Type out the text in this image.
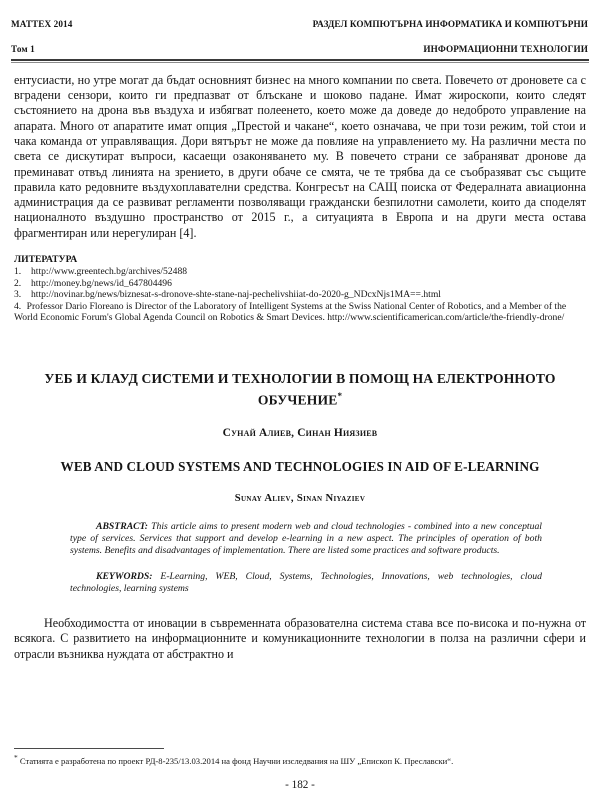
MATTEX 2014

Том 1

РАЗДЕЛ КОМПЮТЪРНА ИНФОРМАТИКА И КОМПЮТЪРНИ

ИНФОРМАЦИОННИ ТЕХНОЛОГИИ

ентусиасти, но утре могат да бъдат основният бизнес на много компании по света. Повечето от дроновете са с вградени сензори, които ги предпазват от блъскане и шоково падане. Имат жироскопи, които следят състоянието на дрона във въздуха и избягват полеенето, което може да доведе до недоброто управление на апарата. Много от апаратите имат опция „Престой и чакане“, което означава, че при този режим, той стои и чака команда от управляващия. Дори вятърът не може да повлияе на управлението му. На различни места по света се дискутират въпроси, касаещи озаконяването му. В повечето страни се забраняват дронове да преминават отвъд линията на зрението, в други обаче се смята, че те трябва да се съобразяват със същите правила като редовните въздухоплавателни средства. Конгресът на САЩ поиска от Федералната авиационна администрация да се развиват регламенти позволяващи граждански безпилотни самолети, които да споделят националното въздушно пространство от 2015 г., а ситуацията в Европа и на други места остава фрагментиран или нерегулиран [4].

ЛИТЕРАТУРА
1.	http://www.greentech.bg/archives/52488
2.	http://money.bg/news/id_647804496
3.	http://novinar.bg/news/biznesat-s-dronove-shte-stane-naj-pechelivshiiat-do-2020-g_NDcxNjs1MA==.html
4. Professor Dario Floreano is Director of the Laboratory of Intelligent Systems at the Swiss National Center of Robotics, and a Member of the World Economic Forum's Global Agenda Council on Robotics & Smart Devices. http://www.scientificamerican.com/article/the-friendly-drone/
УЕБ И КЛАУД СИСТЕМИ И ТЕХНОЛОГИИ В ПОМОЩ НА ЕЛЕКТРОННОТО ОБУЧЕНИЕ*
Сунай Алиев, Синан Ниязиев
WEB AND CLOUD SYSTEMS AND TECHNOLOGIES IN AID OF E-LEARNING
Sunay Aliev, Sinan Niyaziev

ABSTRACT: This article aims to present modern web and cloud technologies - combined into a new conceptual type of services. Services that support and develop e-learning in a new aspect. The principles of operation of both systems. Benefits and disadvantages of implementation. There are listed some practices and software products.

KEYWORDS: E-Learning, WEB, Cloud, Systems, Technologies, Innovations, web technologies, cloud technologies, learning systems

Необходимостта от иновации в съвременната образователна система става все по-висока и по-нужна от всякога. С развитието на информационните и комуникационните технологии в полза на различни сфери и отрасли възниква нуждата от абстрактно и

* Статията е разработена по проект РД-8-235/13.03.2014 на фонд Научни изследвания на ШУ „Епископ К. Преславски“.

- 182 -
